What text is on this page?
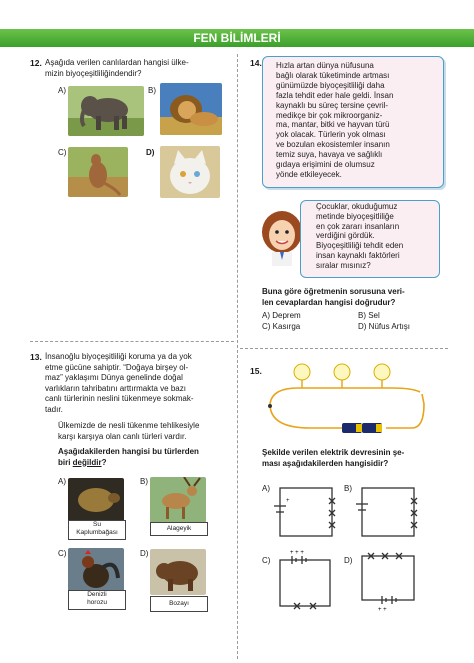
FEN BİLİMLERİ
12. Aşağıda verilen canlılardan hangisi ülke-
mizin biyoçeşitliliğindendir?
A)	B)
C)	D)
13. İnsanoğlu biyoçeşitliliği koruma ya da yok
etme gücüne sahiptir. “Doğaya birşey ol-
maz” yaklaşımı Dünya genelinde doğal
varlıkların tahribatını arttırmakta ve bazı
canlı türlerinin neslini tükenmeye sokmak-
tadır.
Ülkemizde de nesli tükenme tehlikesiyle
karşı karşıya olan canlı türleri vardır.
Aşağıdakilerden hangisi bu türlerden
biri değildir?
A)
Su
Kaplumbağası
B)
Alageyik
C)
Denizli
horozu
D)
Bozayı
14. Hızla artan dünya nüfusuna
bağlı olarak tüketiminde artması
günümüzde biyoçeşitliliği daha
fazla tehdit eder hale geldi. İnsan
kaynaklı bu süreç tersine çevril-
medikçe bir çok mikroorganiz-
ma, mantar, bitki ve hayvan türü
yok olacak. Türlerin yok olması
ve bozulan ekosistemler insanın
temiz suya, havaya ve sağlıklı
gıdaya erişimini de olumsuz
yönde etkileyecek.
Çocuklar, okuduğumuz
metinde biyoçeşitliliğe
en çok zararı insanların
verdiğini gördük.
Biyoçeşitliliği tehdit eden
insan kaynaklı faktörleri
sıralar mısınız?
Buna göre öğretmenin sorusuna veri-
len cevaplardan hangisi doğrudur?
A) Deprem	B) Sel
C) Kasırga	D) Nüfus Artışı
15.
Şekilde verilen elektrik devresinin şe-
ması aşağıdakilerden hangisidir?
A)
+
B)
C)
+ + +
D)
+ +
